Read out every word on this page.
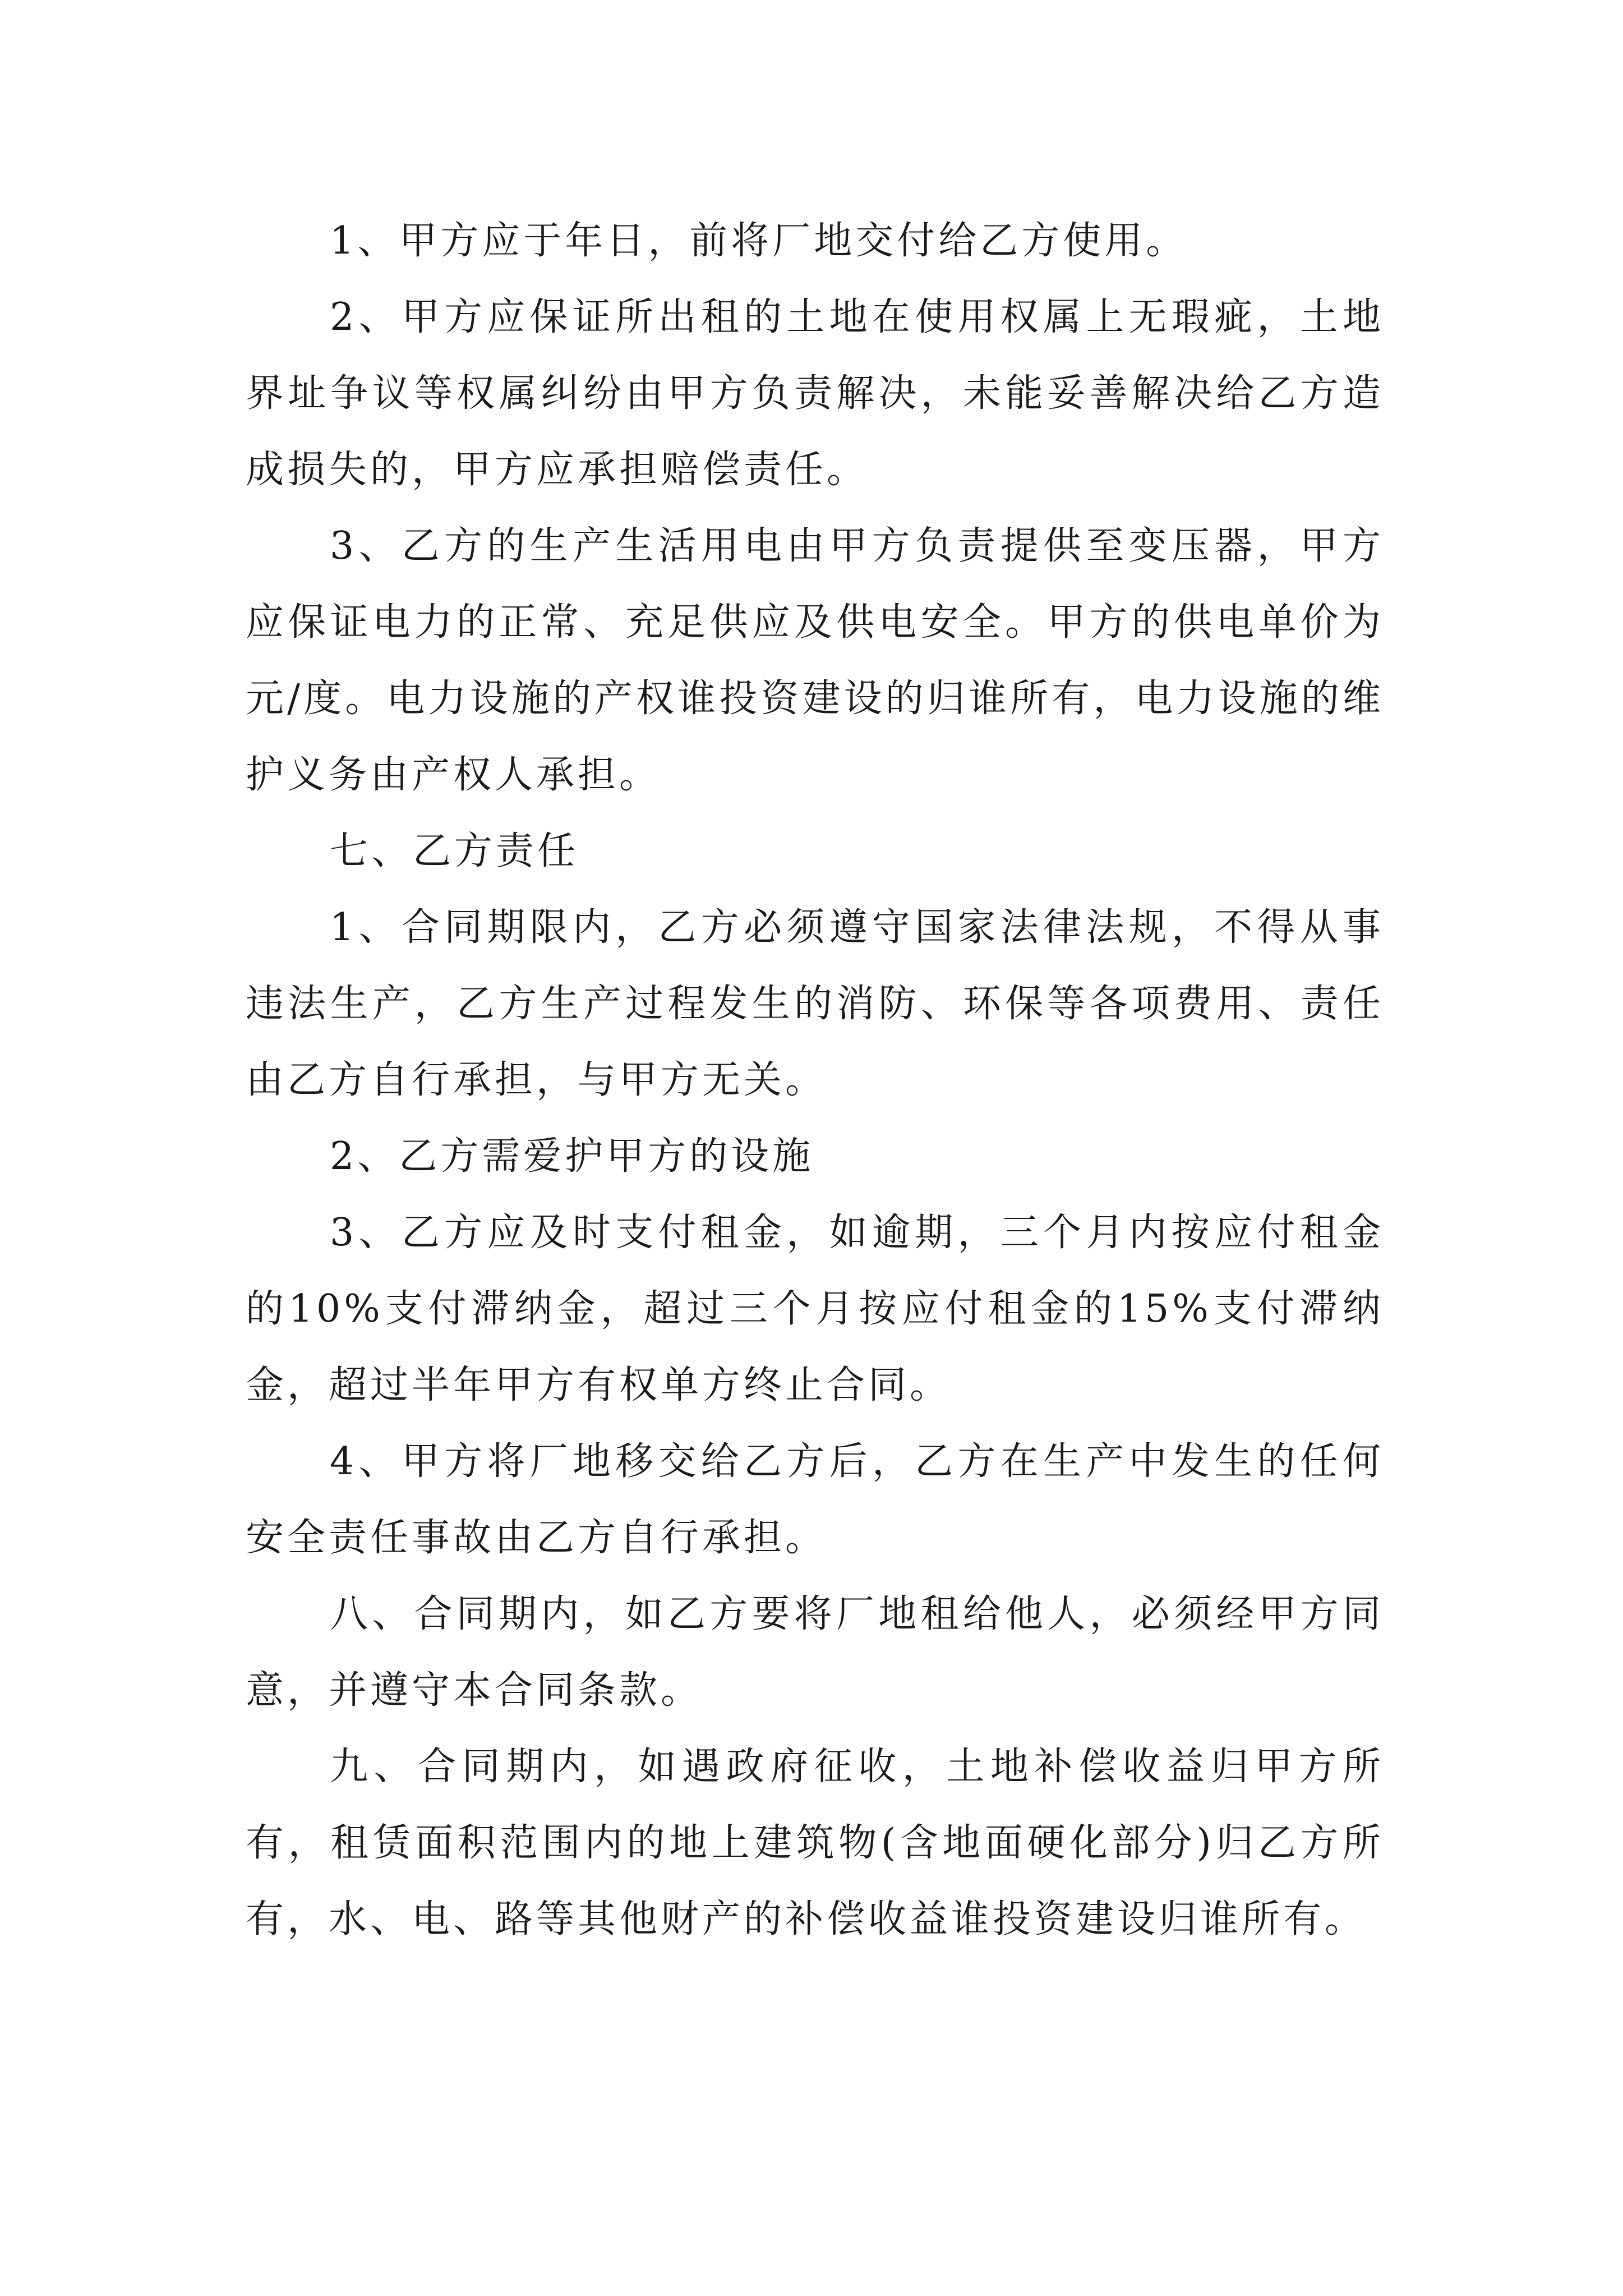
1、甲方应于年日，前将厂地交付给乙方使用。

2、甲方应保证所出租的土地在使用权属上无瑕疵，土地界址争议等权属纠纷由甲方负责解决，未能妥善解决给乙方造成损失的，甲方应承担赔偿责任。

3、乙方的生产生活用电由甲方负责提供至变压器，甲方应保证电力的正常、充足供应及供电安全。甲方的供电单价为 元/度。电力设施的产权谁投资建设的归谁所有，电力设施的维护义务由产权人承担。

七、乙方责任

1、合同期限内，乙方必须遵守国家法律法规，不得从事违法生产，乙方生产过程发生的消防、环保等各项费用、责任由乙方自行承担，与甲方无关。

2、乙方需爱护甲方的设施

3、乙方应及时支付租金，如逾期，三个月内按应付租金的10%支付滞纳金，超过三个月按应付租金的15%支付滞纳金，超过半年甲方有权单方终止合同。

4、甲方将厂地移交给乙方后，乙方在生产中发生的任何安全责任事故由乙方自行承担。

八、合同期内，如乙方要将厂地租给他人，必须经甲方同意，并遵守本合同条款。

九、合同期内，如遇政府征收，土地补偿收益归甲方所有，租赁面积范围内的地上建筑物(含地面硬化部分)归乙方所有，水、电、路等其他财产的补偿收益谁投资建设归谁所有。
